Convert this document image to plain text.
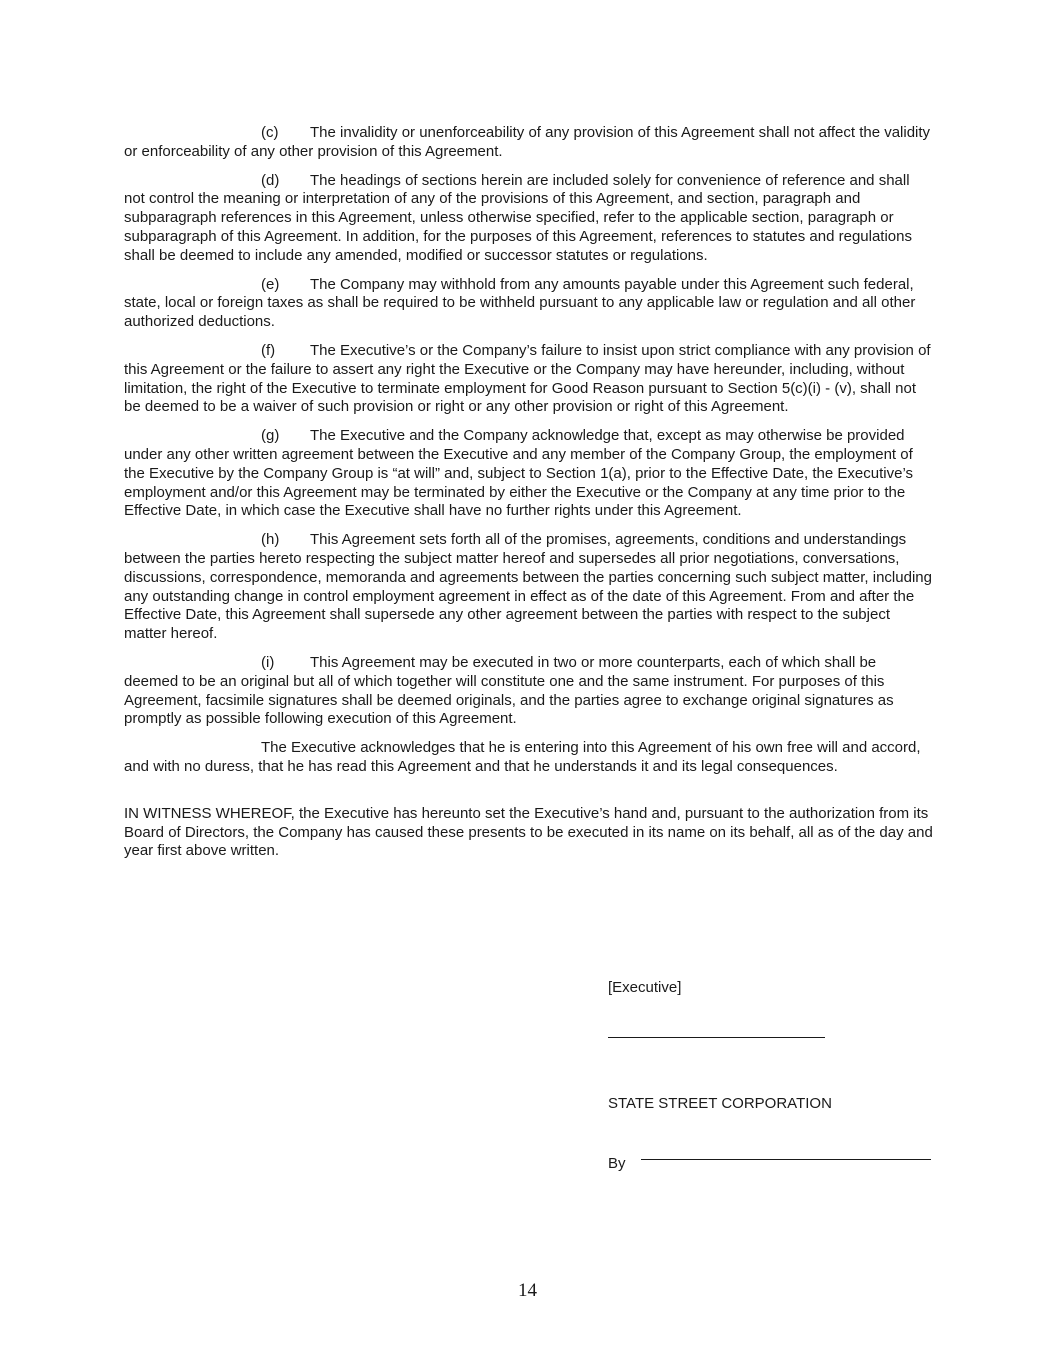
(c) The invalidity or unenforceability of any provision of this Agreement shall not affect the validity or enforceability of any other provision of this Agreement.

(d) The headings of sections herein are included solely for convenience of reference and shall not control the meaning or interpretation of any of the provisions of this Agreement, and section, paragraph and subparagraph references in this Agreement, unless otherwise specified, refer to the applicable section, paragraph or subparagraph of this Agreement. In addition, for the purposes of this Agreement, references to statutes and regulations shall be deemed to include any amended, modified or successor statutes or regulations.

(e) The Company may withhold from any amounts payable under this Agreement such federal, state, local or foreign taxes as shall be required to be withheld pursuant to any applicable law or regulation and all other authorized deductions.

(f) The Executive’s or the Company’s failure to insist upon strict compliance with any provision of this Agreement or the failure to assert any right the Executive or the Company may have hereunder, including, without limitation, the right of the Executive to terminate employment for Good Reason pursuant to Section 5(c)(i) - (v), shall not be deemed to be a waiver of such provision or right or any other provision or right of this Agreement.

(g) The Executive and the Company acknowledge that, except as may otherwise be provided under any other written agreement between the Executive and any member of the Company Group, the employment of the Executive by the Company Group is “at will” and, subject to Section 1(a), prior to the Effective Date, the Executive’s employment and/or this Agreement may be terminated by either the Executive or the Company at any time prior to the Effective Date, in which case the Executive shall have no further rights under this Agreement.

(h) This Agreement sets forth all of the promises, agreements, conditions and understandings between the parties hereto respecting the subject matter hereof and supersedes all prior negotiations, conversations, discussions, correspondence, memoranda and agreements between the parties concerning such subject matter, including any outstanding change in control employment agreement in effect as of the date of this Agreement. From and after the Effective Date, this Agreement shall supersede any other agreement between the parties with respect to the subject matter hereof.

(i) This Agreement may be executed in two or more counterparts, each of which shall be deemed to be an original but all of which together will constitute one and the same instrument. For purposes of this Agreement, facsimile signatures shall be deemed originals, and the parties agree to exchange original signatures as promptly as possible following execution of this Agreement.

The Executive acknowledges that he is entering into this Agreement of his own free will and accord, and with no duress, that he has read this Agreement and that he understands it and its legal consequences.

IN WITNESS WHEREOF, the Executive has hereunto set the Executive’s hand and, pursuant to the authorization from its Board of Directors, the Company has caused these presents to be executed in its name on its behalf, all as of the day and year first above written.

[Executive]
STATE STREET CORPORATION
By
14
